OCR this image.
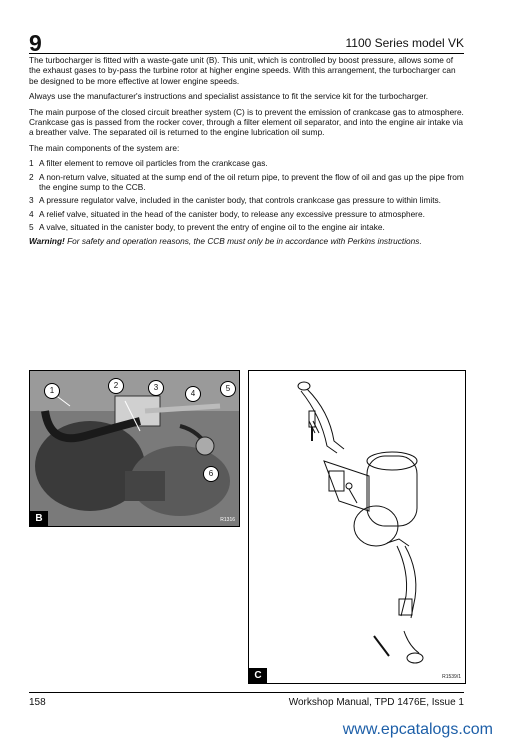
9	1100 Series model VK

The turbocharger is fitted with a waste-gate unit (B). This unit, which is controlled by boost pressure, allows some of the exhaust gases to by-pass the turbine rotor at higher engine speeds. With this arrangement, the turbocharger can be designed to be more effective at lower engine speeds.

Always use the manufacturer's instructions and specialist assistance to fit the service kit for the turbocharger.

The main purpose of the closed circuit breather system (C) is to prevent the emission of crankcase gas to atmosphere. Crankcase gas is passed from the rocker cover, through a filter element oil separator, and into the engine air intake via a breather valve. The separated oil is returned to the engine lubrication oil sump.

The main components of the system are:

1 A filter element to remove oil particles from the crankcase gas.
2 A non-return valve, situated at the sump end of the oil return pipe, to prevent the flow of oil and gas up the pipe from the engine sump to the CCB.
3 A pressure regulator valve, included in the canister body, that controls crankcase gas pressure to within limits.
4 A relief valve, situated in the head of the canister body, to release any excessive pressure to atmosphere.
5 A valve, situated in the canister body, to prevent the entry of engine oil to the engine air intake.

Warning! For safety and operation reasons, the CCB must only be in accordance with Perkins instructions.

1
2	3
4
5
6
B	R1316
C	R1539/1
158	Workshop Manual, TPD 1476E, Issue 1
www.epcatalogs.com
